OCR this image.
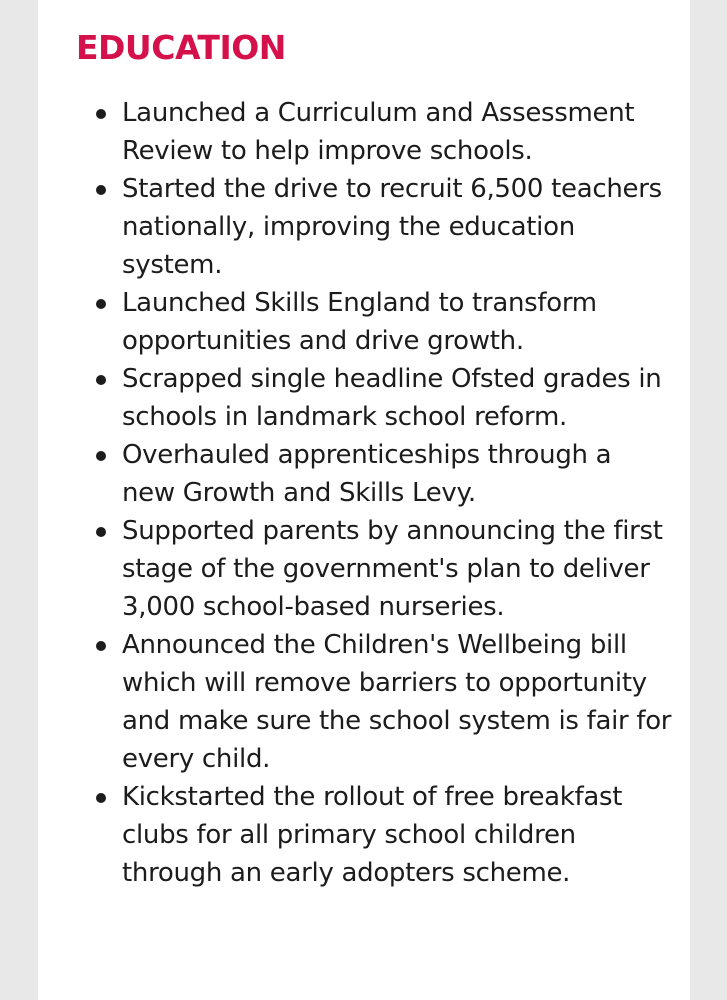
EDUCATION
Launched a Curriculum and Assessment Review to help improve schools.
Started the drive to recruit 6,500 teachers nationally, improving the education system.
Launched Skills England to transform opportunities and drive growth.
Scrapped single headline Ofsted grades in schools in landmark school reform.
Overhauled apprenticeships through a new Growth and Skills Levy.
Supported parents by announcing the first stage of the government's plan to deliver 3,000 school-based nurseries.
Announced the Children's Wellbeing bill which will remove barriers to opportunity and make sure the school system is fair for every child.
Kickstarted the rollout of free breakfast clubs for all primary school children through an early adopters scheme.
